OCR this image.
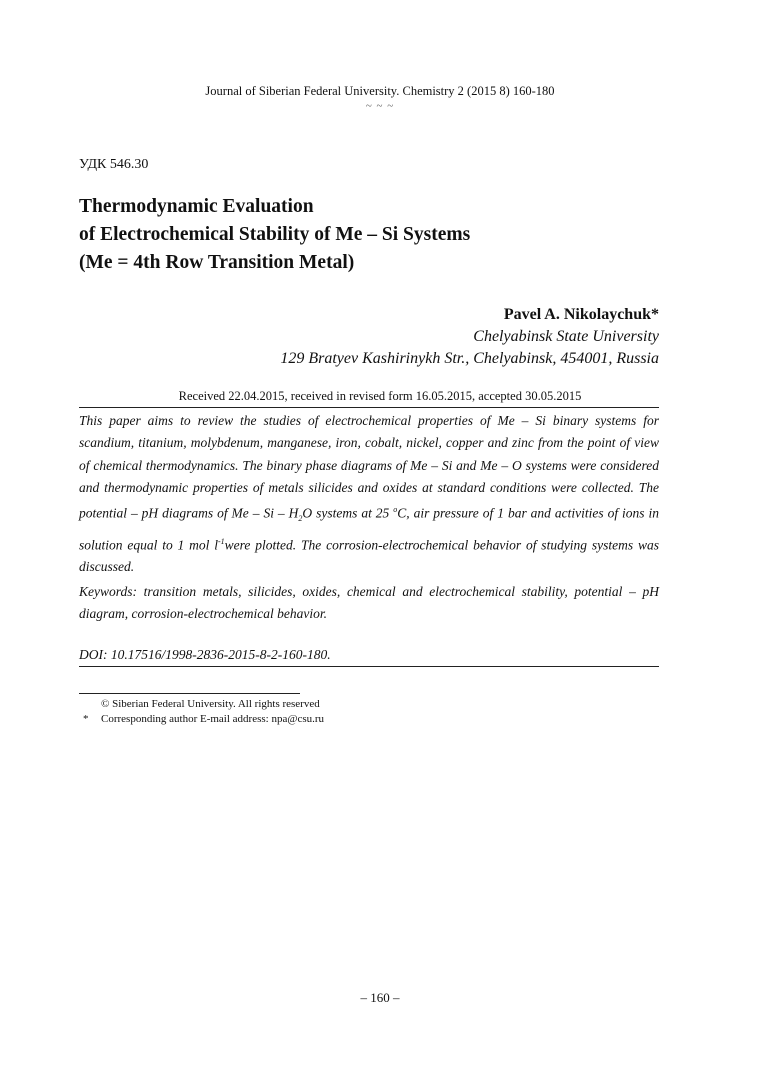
Journal of Siberian Federal University. Chemistry 2 (2015 8) 160-180
~ ~ ~
УДК 546.30
Thermodynamic Evaluation
of Electrochemical Stability of Me – Si Systems
(Me = 4th Row Transition Metal)
Pavel A. Nikolaychuk*
Chelyabinsk State University
129 Bratyev Kashirinykh Str., Chelyabinsk, 454001, Russia
Received 22.04.2015, received in revised form 16.05.2015, accepted 30.05.2015
This paper aims to review the studies of electrochemical properties of Me – Si binary systems for scandium, titanium, molybdenum, manganese, iron, cobalt, nickel, copper and zinc from the point of view of chemical thermodynamics. The binary phase diagrams of Me – Si and Me – O systems were considered and thermodynamic properties of metals silicides and oxides at standard conditions were collected. The potential – pH diagrams of Me – Si – $H_2O$ systems at 25 $^o$C, air pressure of 1 bar and activities of ions in solution equal to 1 mol $l^{-1}were$ plotted. The corrosion-electrochemical behavior of studying systems was discussed.
Keywords: transition metals, silicides, oxides, chemical and electrochemical stability, potential – pH diagram, corrosion-electrochemical behavior.
DOI: 10.17516/1998-2836-2015-8-2-160-180.
© Siberian Federal University. All rights reserved
* Corresponding author E-mail address: npa@csu.ru
– 160 –
